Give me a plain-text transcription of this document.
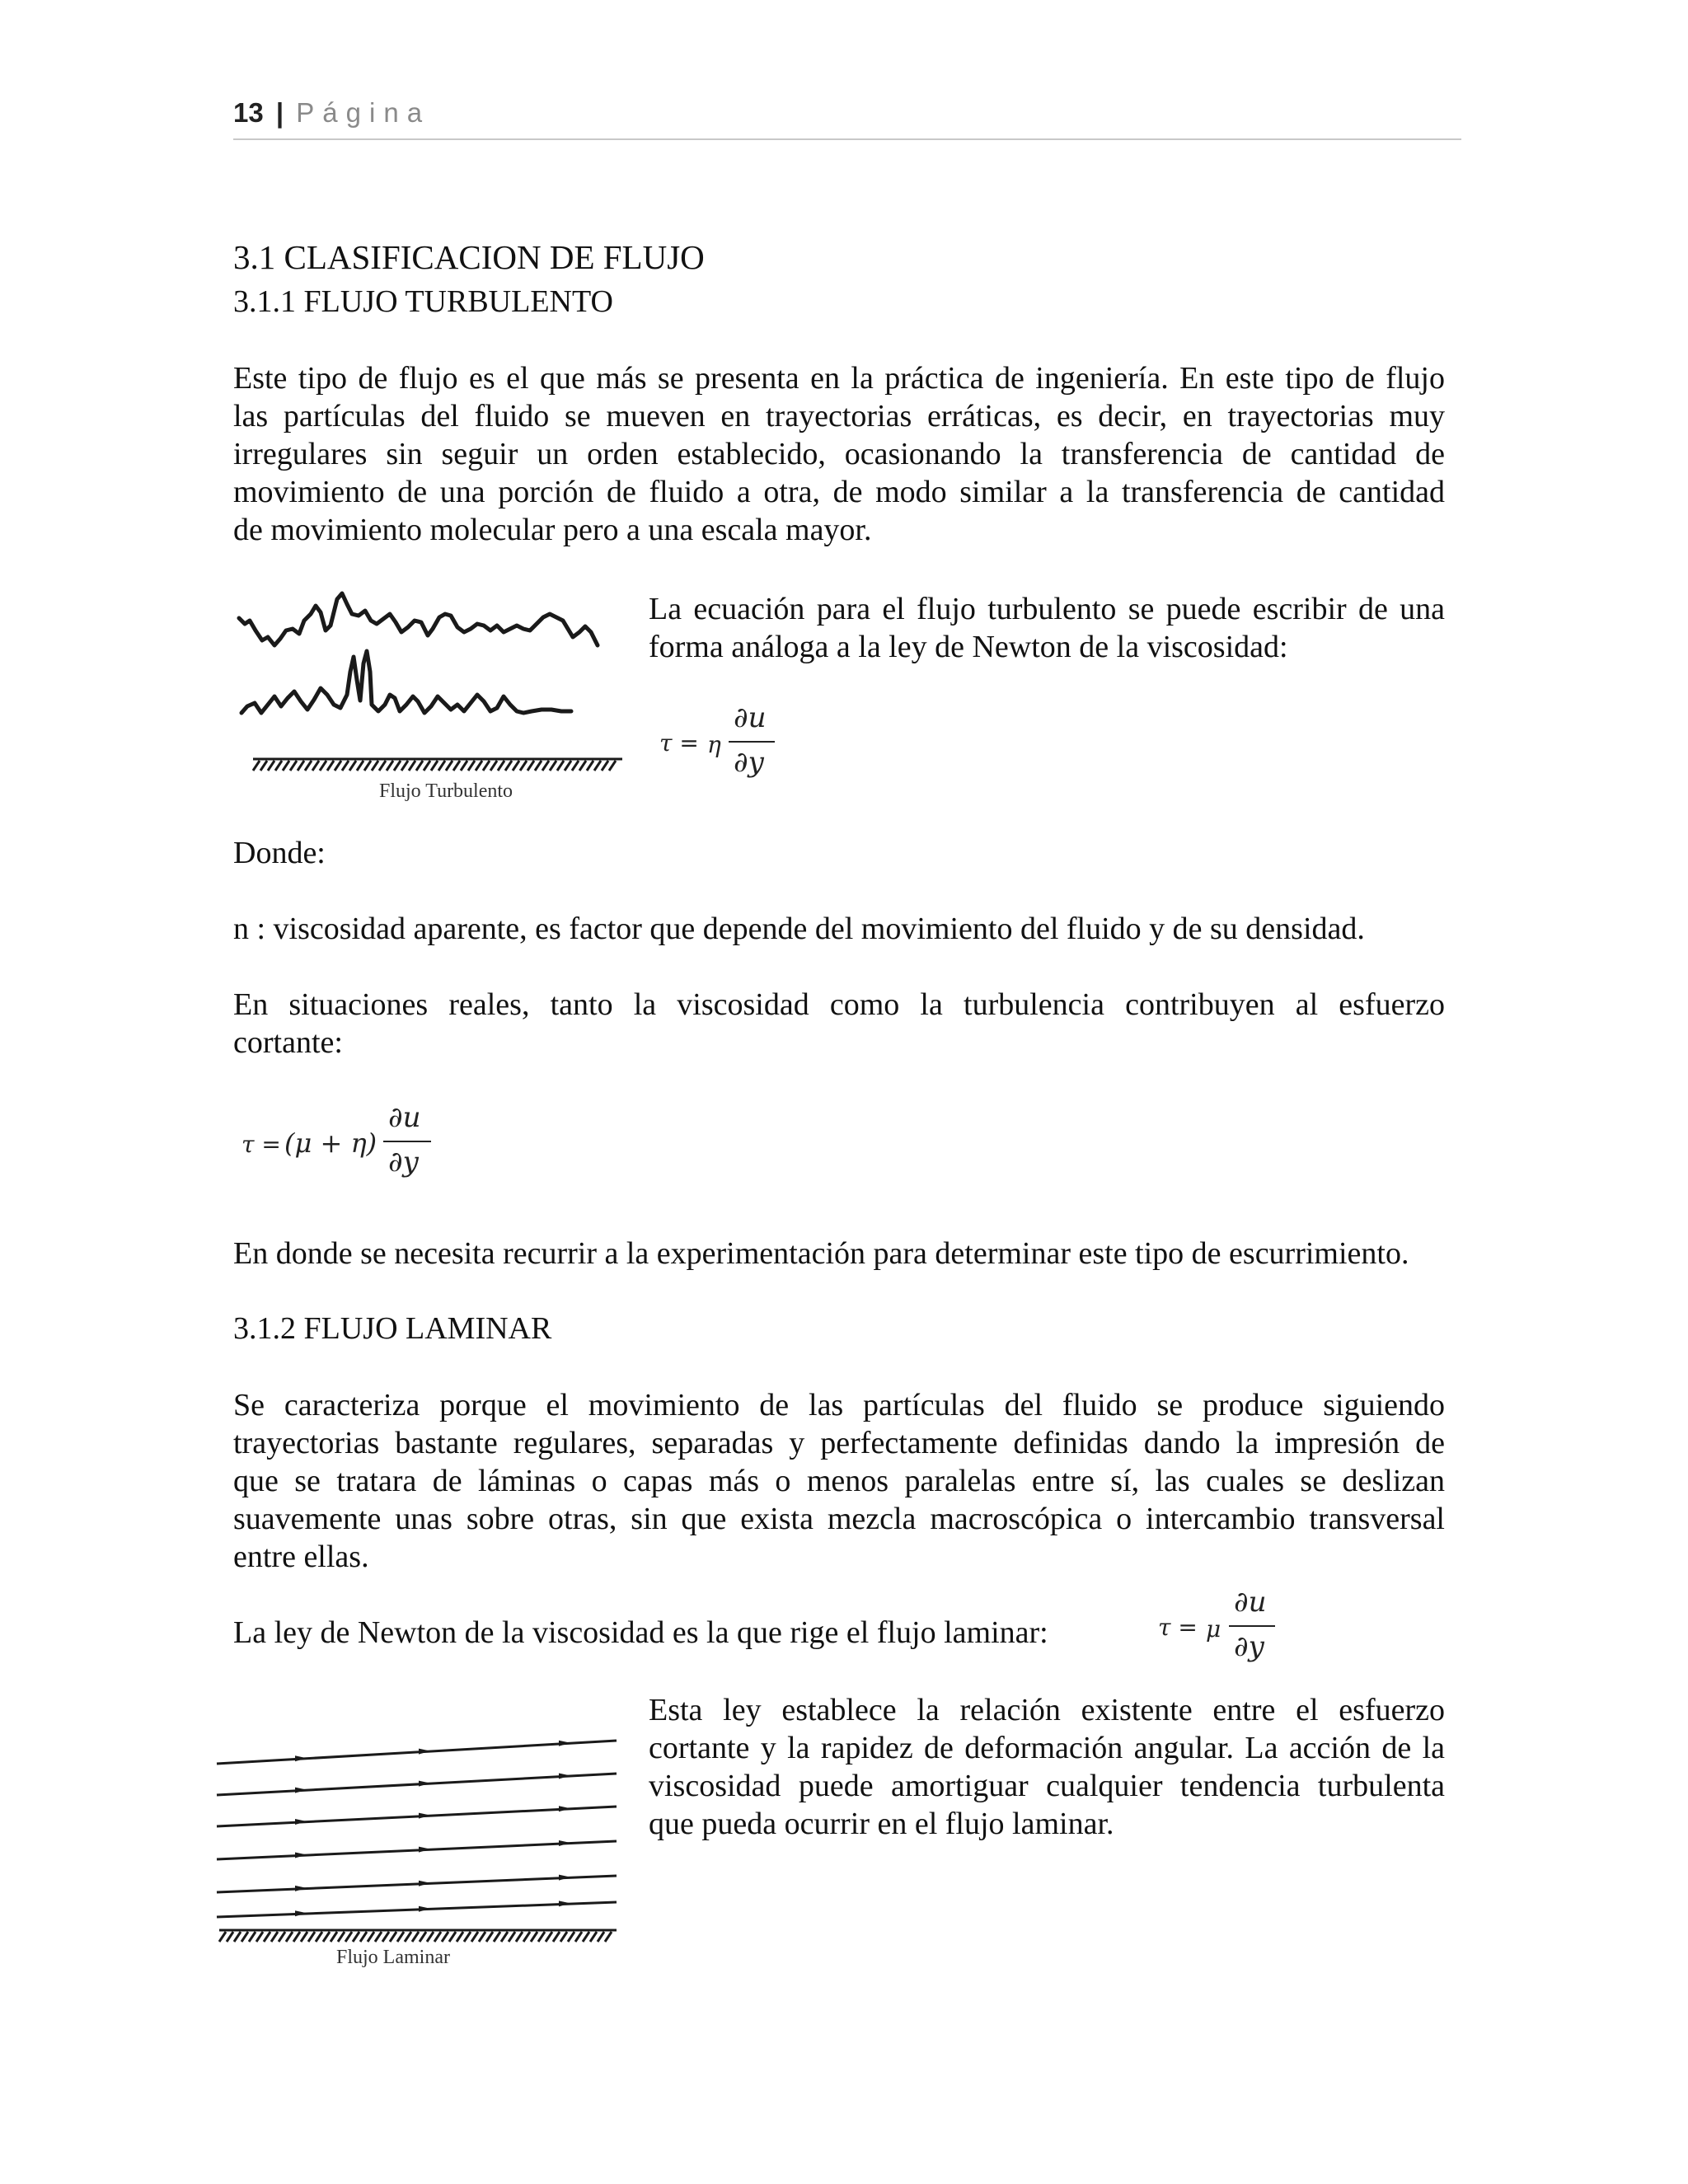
13 | Página
3.1 CLASIFICACION DE FLUJO
3.1.1 FLUJO TURBULENTO
Este tipo de flujo es el que más se presenta en la práctica de ingeniería. En este tipo de flujo
las partículas del fluido se mueven en trayectorias erráticas, es decir, en trayectorias muy
irregulares sin seguir un orden establecido, ocasionando la transferencia de cantidad de
movimiento de una porción de fluido a otra, de modo similar a la transferencia de cantidad
de movimiento molecular pero a una escala mayor.
Flujo Turbulento
La ecuación para el flujo turbulento se puede escribir de una
forma análoga a la ley de Newton de la viscosidad:
τ = η
∂u
∂y
Donde:
n : viscosidad aparente, es factor que depende del movimiento del fluido y de su densidad.
En situaciones reales, tanto la viscosidad como la turbulencia contribuyen al esfuerzo
cortante:
τ = (μ + η)
∂u
∂y
En donde se necesita recurrir a la experimentación para determinar este tipo de escurrimiento.
3.1.2 FLUJO LAMINAR
Se caracteriza porque el movimiento de las partículas del fluido se produce siguiendo
trayectorias bastante regulares, separadas y perfectamente definidas dando la impresión de
que se tratara de láminas o capas más o menos paralelas entre sí, las cuales se deslizan
suavemente unas sobre otras, sin que exista mezcla macroscópica o intercambio transversal
entre ellas.
La ley de Newton de la viscosidad es la que rige el flujo laminar:	τ = μ
∂u
∂y
Esta ley establece la relación existente entre el esfuerzo
cortante y la rapidez de deformación angular. La acción de la
viscosidad puede amortiguar cualquier tendencia turbulenta
que pueda ocurrir en el flujo laminar.
Flujo Laminar
